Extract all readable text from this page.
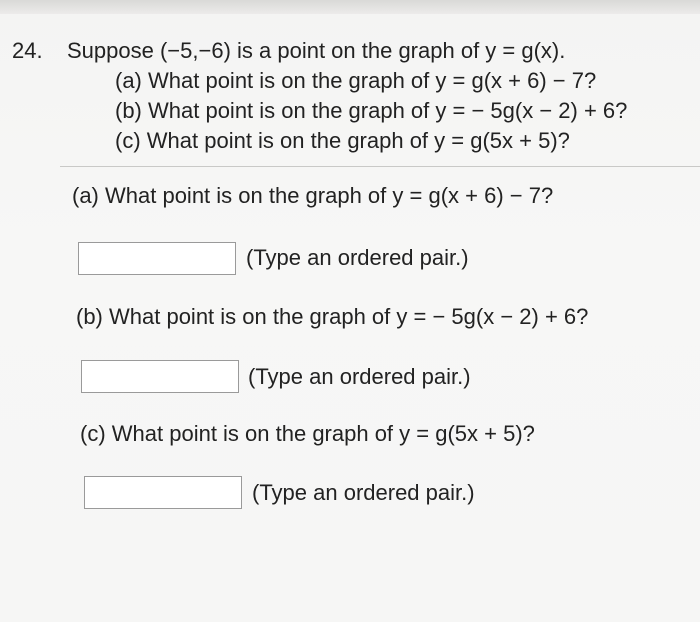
24.	Suppose (−5,−6) is a point on the graph of y = g(x).
(a) What point is on the graph of y = g(x + 6) − 7?
(b) What point is on the graph of y = − 5g(x − 2) + 6?
(c) What point is on the graph of y = g(5x + 5)?
(a) What point is on the graph of y = g(x + 6) − 7?
(Type an ordered pair.)
(b) What point is on the graph of y = − 5g(x − 2) + 6?
(Type an ordered pair.)
(c) What point is on the graph of y = g(5x + 5)?
(Type an ordered pair.)
